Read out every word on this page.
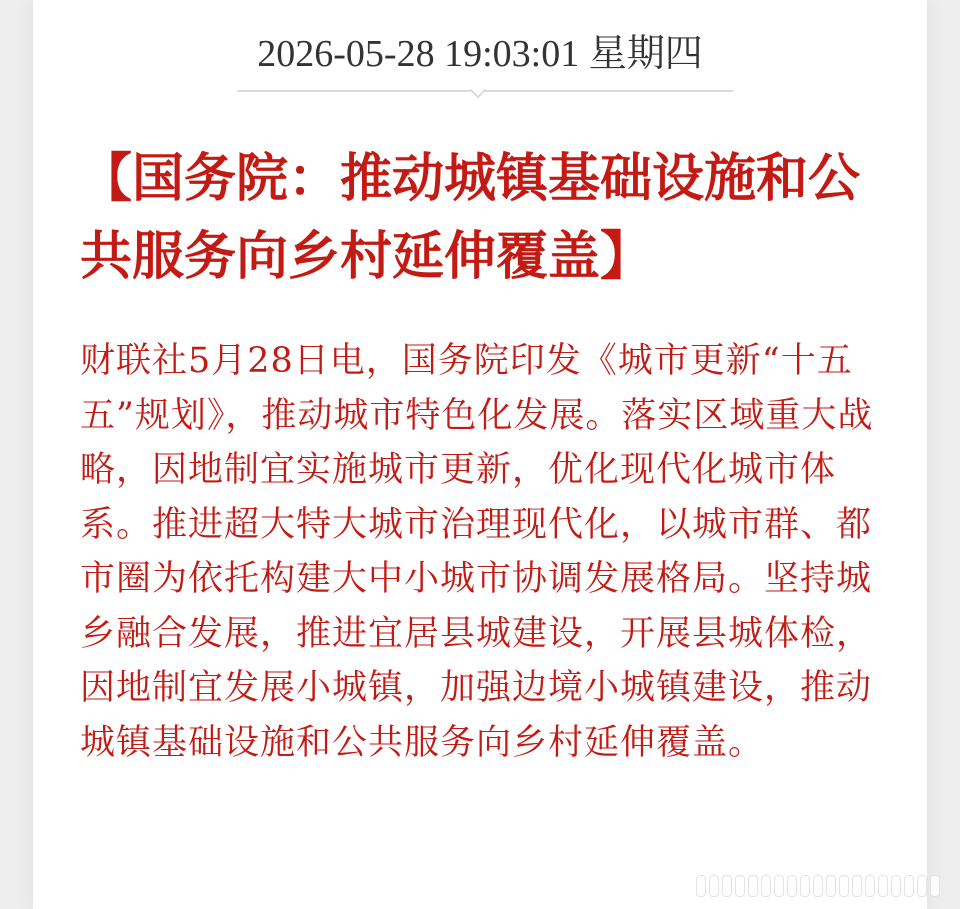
2026-05-28 19:03:01 星期四
【国务院：推动城镇基础设施和公共服务向乡村延伸覆盖】

财联社5月28日电，国务院印发《城市更新“十五五”规划》，推动城市特色化发展。落实区域重大战略，因地制宜实施城市更新，优化现代化城市体系。推进超大特大城市治理现代化，以城市群、都市圈为依托构建大中小城市协调发展格局。坚持城乡融合发展，推进宜居县城建设，开展县城体检，因地制宜发展小城镇，加强边境小城镇建设，推动城镇基础设施和公共服务向乡村延伸覆盖。
